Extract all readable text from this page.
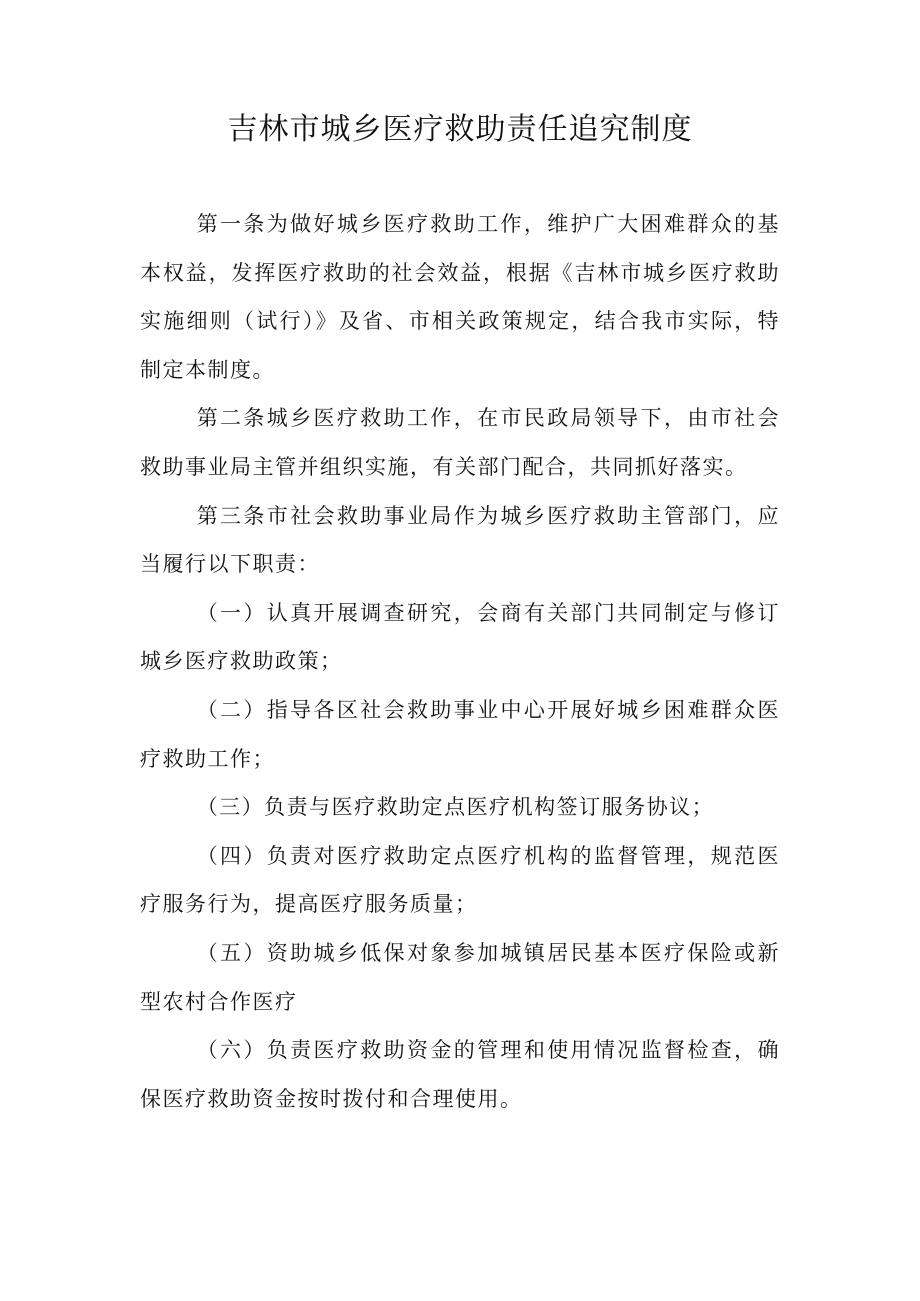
吉林市城乡医疗救助责任追究制度

第一条为做好城乡医疗救助工作，维护广大困难群众的基本权益，发挥医疗救助的社会效益，根据《吉林市城乡医疗救助实施细则（试行）》及省、市相关政策规定，结合我市实际，特制定本制度。

第二条城乡医疗救助工作，在市民政局领导下，由市社会救助事业局主管并组织实施，有关部门配合，共同抓好落实。

第三条市社会救助事业局作为城乡医疗救助主管部门，应当履行以下职责：

（一）认真开展调查研究，会商有关部门共同制定与修订城乡医疗救助政策；

（二）指导各区社会救助事业中心开展好城乡困难群众医疗救助工作；

（三）负责与医疗救助定点医疗机构签订服务协议；

（四）负责对医疗救助定点医疗机构的监督管理，规范医疗服务行为，提高医疗服务质量；

（五）资助城乡低保对象参加城镇居民基本医疗保险或新型农村合作医疗

（六）负责医疗救助资金的管理和使用情况监督检查，确保医疗救助资金按时拨付和合理使用。
